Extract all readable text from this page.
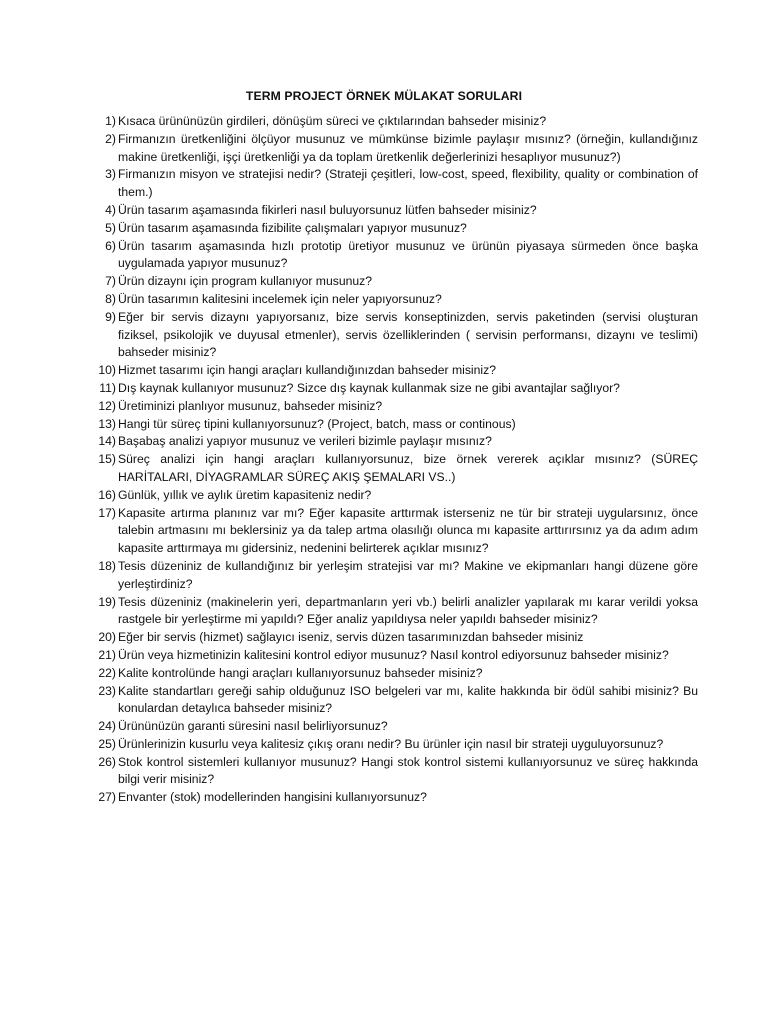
TERM PROJECT ÖRNEK MÜLAKAT SORULARI
1) Kısaca ürününüzün girdileri, dönüşüm süreci ve çıktılarından bahseder misiniz?
2) Firmanızın üretkenliğini ölçüyor musunuz ve mümkünse bizimle paylaşır mısınız? (örneğin, kullandığınız makine üretkenliği, işçi üretkenliği ya da toplam üretkenlik değerlerinizi hesaplıyor musunuz?)
3) Firmanızın misyon ve stratejisi nedir? (Strateji çeşitleri, low-cost, speed, flexibility, quality or combination of them.)
4) Ürün tasarım aşamasında fikirleri nasıl buluyorsunuz lütfen bahseder misiniz?
5) Ürün tasarım aşamasında fizibilite çalışmaları yapıyor musunuz?
6) Ürün tasarım aşamasında hızlı prototip üretiyor musunuz ve ürünün piyasaya sürmeden önce başka uygulamada yapıyor musunuz?
7) Ürün dizaynı için program kullanıyor musunuz?
8) Ürün tasarımın kalitesini incelemek için neler yapıyorsunuz?
9) Eğer bir servis dizaynı yapıyorsanız, bize servis konseptinizden, servis paketinden (servisi oluşturan fiziksel, psikolojik ve duyusal etmenler), servis özelliklerinden ( servisin performansı, dizaynı ve teslimi) bahseder misiniz?
10) Hizmet tasarımı için hangi araçları kullandığınızdan bahseder misiniz?
11) Dış kaynak kullanıyor musunuz? Sizce dış kaynak kullanmak size ne gibi avantajlar sağlıyor?
12) Üretiminizi planlıyor musunuz, bahseder misiniz?
13) Hangi tür süreç tipini kullanıyorsunuz? (Project, batch, mass or continous)
14) Başabaş analizi yapıyor musunuz ve verileri bizimle paylaşır mısınız?
15) Süreç analizi için hangi araçları kullanıyorsunuz, bize örnek vererek açıklar mısınız? (SÜREÇ HARİTALARI, DİYAGRAMLAR SÜREÇ AKIŞ ŞEMALARI VS..)
16) Günlük, yıllık ve aylık üretim kapasiteniz nedir?
17) Kapasite artırma planınız var mı? Eğer kapasite arttırmak isterseniz ne tür bir strateji uygularsınız, önce talebin artmasını mı beklersiniz ya da talep artma olasılığı olunca mı kapasite arttırırsınız ya da adım adım kapasite arttırmaya mı gidersiniz, nedenini belirterek açıklar mısınız?
18) Tesis düzeniniz de kullandığınız bir yerleşim stratejisi var mı? Makine ve ekipmanları hangi düzene göre yerleştirdiniz?
19) Tesis düzeniniz (makinelerin yeri, departmanların yeri vb.) belirli analizler yapılarak mı karar verildi yoksa rastgele bir yerleştirme mi yapıldı? Eğer analiz yapıldıysa neler yapıldı bahseder misiniz?
20) Eğer bir servis (hizmet) sağlayıcı iseniz, servis düzen tasarımınızdan bahseder misiniz
21) Ürün veya hizmetinizin kalitesini kontrol ediyor musunuz? Nasıl kontrol ediyorsunuz bahseder misiniz?
22) Kalite kontrolünde hangi araçları kullanıyorsunuz bahseder misiniz?
23) Kalite standartları gereği sahip olduğunuz ISO belgeleri var mı, kalite hakkında bir ödül sahibi misiniz? Bu konulardan detaylıca bahseder misiniz?
24) Ürününüzün garanti süresini nasıl belirliyorsunuz?
25) Ürünlerinizin kusurlu veya kalitesiz çıkış oranı nedir? Bu ürünler için nasıl bir strateji uyguluyorsunuz?
26) Stok kontrol sistemleri kullanıyor musunuz? Hangi stok kontrol sistemi kullanıyorsunuz ve süreç hakkında bilgi verir misiniz?
27) Envanter (stok) modellerinden hangisini kullanıyorsunuz?
